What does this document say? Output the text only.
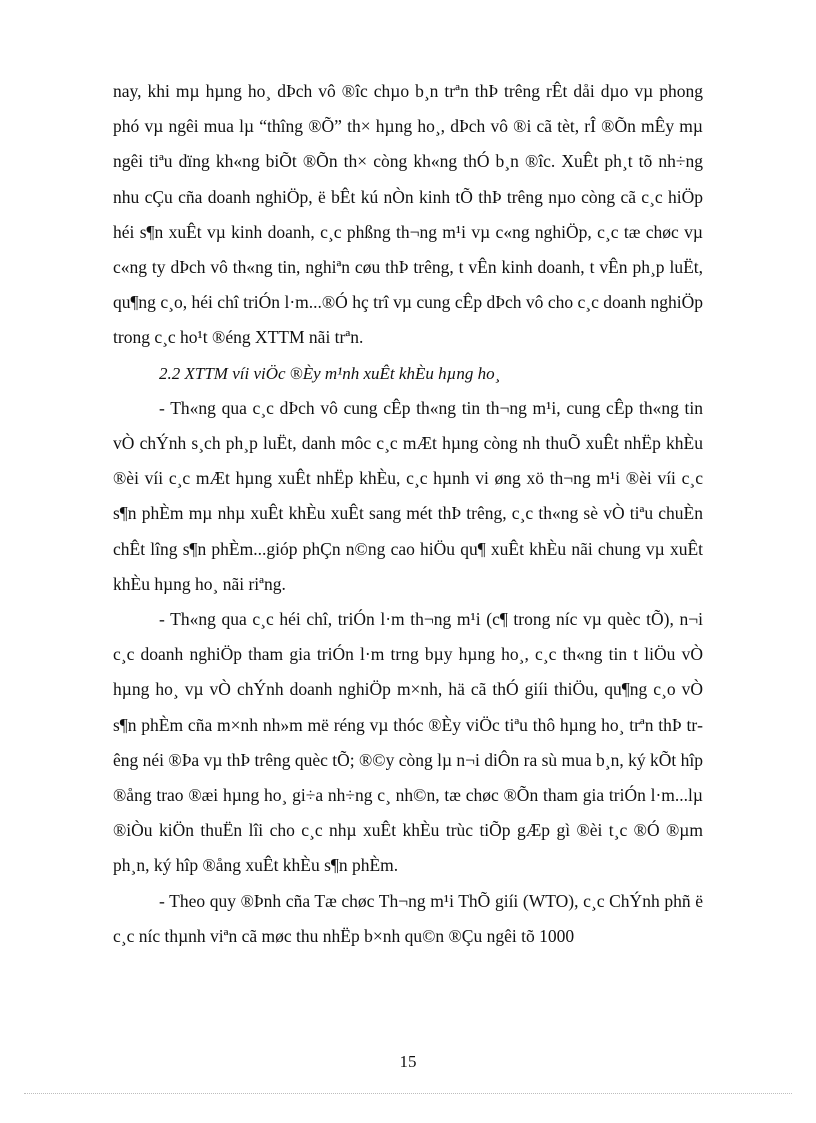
nay, khi mµ hµng ho¸ dÞch vô ®îc chµo b¸n trªn thÞ trêng rÊt dåi dµo vµ phong phó vµ ngêi mua lµ “thîng ®Õ” th× hµng ho¸, dÞch vô ®i cã tèt, rÎ ®Õn mÊy mµ ngêi tiªu dïng kh«ng biÕt ®Õn th× còng kh«ng thÓ b¸n ®îc. XuÊt ph¸t tõ nh÷ng nhu cÇu cña doanh nghiÖp, ë bÊt kú nÒn kinh tÕ thÞ trêng nµo còng cã c¸c hiÖp héi s¶n xuÊt vµ kinh doanh, c¸c phßng th¬ng m¹i vµ c«ng nghiÖp, c¸c tæ chøc vµ c«ng ty dÞch vô th«ng tin, nghiªn cøu thÞ trêng, t vÊn kinh doanh, t vÊn ph¸p luËt, qu¶ng c¸o, héi chî triÓn l·m...®Ó hç trî vµ cung cÊp dÞch vô cho c¸c doanh nghiÖp trong c¸c ho¹t ®éng XTTM nãi trªn.

2.2 XTTM víi viÖc ®Èy m¹nh xuÊt khÈu hµng ho¸

- Th«ng qua c¸c dÞch vô cung cÊp th«ng tin th¬ng m¹i, cung cÊp th«ng tin vÒ chÝnh s¸ch ph¸p luËt, danh môc c¸c mÆt hµng còng nh thuÕ xuÊt nhËp khÈu ®èi víi c¸c mÆt hµng xuÊt nhËp khÈu, c¸c hµnh vi øng xö th¬ng m¹i ®èi víi c¸c s¶n phÈm mµ nhµ xuÊt khÈu xuÊt sang mét thÞ trêng, c¸c th«ng sè vÒ tiªu chuÈn chÊt lîng s¶n phÈm...gióp phÇn n©ng cao hiÖu qu¶ xuÊt khÈu nãi chung vµ xuÊt khÈu hµng ho¸ nãi riªng.

- Th«ng qua c¸c héi chî, triÓn l·m th¬ng m¹i (c¶ trong níc vµ quèc tÕ), n¬i c¸c doanh nghiÖp tham gia triÓn l·m trng bµy hµng ho¸, c¸c th«ng tin t liÖu vÒ hµng ho¸ vµ vÒ chÝnh doanh nghiÖp m×nh, hä cã thÓ giíi thiÖu, qu¶ng c¸o vÒ s¶n phÈm cña m×nh nh»m më réng vµ thóc ®Èy viÖc tiªu thô hµng ho¸ trªn thÞ trêng néi ®Þa vµ thÞ trêng quèc tÕ; ®©y còng lµ n¬i diÔn ra sù mua b¸n, ký kÕt hîp ®ång trao ®æi hµng ho¸ gi÷a nh÷ng c¸ nh©n, tæ chøc ®Õn tham gia triÓn l·m...lµ ®iÒu kiÖn thuËn lîi cho c¸c nhµ xuÊt khÈu trùc tiÕp gÆp gì ®èi t¸c ®Ó ®µm ph¸n, ký hîp ®ång xuÊt khÈu s¶n phÈm.

- Theo quy ®Þnh cña Tæ chøc Th¬ng m¹i ThÕ giíi (WTO), c¸c ChÝnh phñ ë c¸c níc thµnh viªn cã møc thu nhËp b×nh qu©n ®Çu ngêi tõ 1000

15
